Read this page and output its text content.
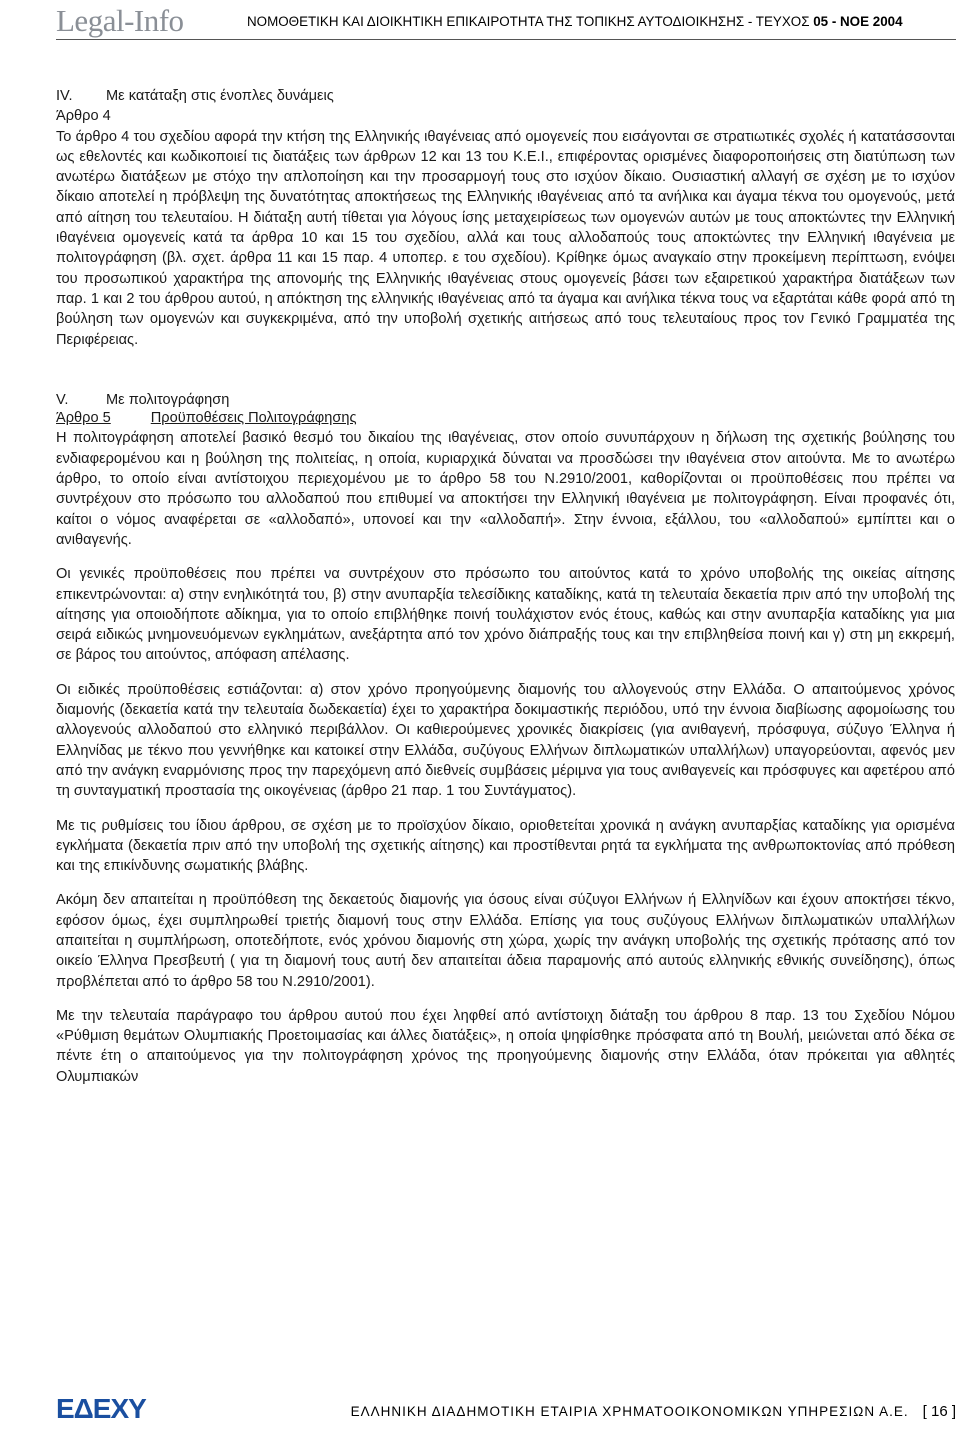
Legal-Info	ΝΟΜΟΘΕΤΙΚΗ ΚΑΙ ΔΙΟΙΚΗΤΙΚΗ ΕΠΙΚΑΙΡΟΤΗΤΑ ΤΗΣ ΤΟΠΙΚΗΣ ΑΥΤΟΔΙΟΙΚΗΣΗΣ - ΤΕΥΧΟΣ 05 - ΝΟΕ 2004

IV. Με κατάταξη στις ένοπλες δυνάμεις

Άρθρο 4

Το άρθρο 4 του σχεδίου αφορά την κτήση της Ελληνικής ιθαγένειας από ομογενείς που εισάγονται σε στρατιωτικές σχολές ή κατατάσσονται ως εθελοντές και κωδικοποιεί τις διατάξεις των άρθρων 12 και 13 του Κ.Ε.Ι., επιφέροντας ορισμένες διαφοροποιήσεις στη διατύπωση των ανωτέρω διατάξεων με στόχο την απλοποίηση και την προσαρμογή τους στο ισχύον δίκαιο. Ουσιαστική αλλαγή σε σχέση με το ισχύον δίκαιο αποτελεί η πρόβλεψη της δυνατότητας αποκτήσεως της Ελληνικής ιθαγένειας από τα ανήλικα και άγαμα τέκνα του ομογενούς, μετά από αίτηση του τελευταίου. Η διάταξη αυτή τίθεται για λόγους ίσης μεταχειρίσεως των ομογενών αυτών με τους αποκτώντες την Ελληνική ιθαγένεια ομογενείς κατά τα άρθρα 10 και 15 του σχεδίου, αλλά και τους αλλοδαπούς τους αποκτώντες την Ελληνική ιθαγένεια με πολιτογράφηση (βλ. σχετ. άρθρα 11 και 15 παρ. 4 υποπερ. ε του σχεδίου). Κρίθηκε όμως αναγκαίο στην προκείμενη περίπτωση, ενόψει του προσωπικού χαρακτήρα της απονομής της Ελληνικής ιθαγένειας στους ομογενείς βάσει των εξαιρετικού χαρακτήρα διατάξεων των παρ. 1 και 2 του άρθρου αυτού, η απόκτηση της ελληνικής ιθαγένειας από τα άγαμα και ανήλικα τέκνα τους να εξαρτάται κάθε φορά από τη βούληση των ομογενών και συγκεκριμένα, από την υποβολή σχετικής αιτήσεως από τους τελευταίους προς τον Γενικό Γραμματέα της Περιφέρειας.

V.	Με πολιτογράφηση

Άρθρο 5	Προϋποθέσεις Πολιτογράφησης

Η πολιτογράφηση αποτελεί βασικό θεσμό του δικαίου της ιθαγένειας, στον οποίο συνυπάρχουν η δήλωση της σχετικής βούλησης του ενδιαφερομένου και η βούληση της πολιτείας, η οποία, κυριαρχικά δύναται να προσδώσει την ιθαγένεια στον αιτούντα. Με το ανωτέρω άρθρο, το οποίο είναι αντίστοιχου περιεχομένου με το άρθρο 58 του Ν.2910/2001, καθορίζονται οι προϋποθέσεις που πρέπει να συντρέχουν στο πρόσωπο του αλλοδαπού που επιθυμεί να αποκτήσει την Ελληνική ιθαγένεια με πολιτογράφηση. Είναι προφανές ότι, καίτοι ο νόμος αναφέρεται σε «αλλοδαπό», υπονοεί και την «αλλοδαπή». Στην έννοια, εξάλλου, του «αλλοδαπού» εμπίπτει και ο ανιθαγενής.

Οι γενικές προϋποθέσεις που πρέπει να συντρέχουν στο πρόσωπο του αιτούντος κατά το χρόνο υποβολής της οικείας αίτησης επικεντρώνονται: α) στην ενηλικότητά του, β) στην ανυπαρξία τελεσίδικης καταδίκης, κατά τη τελευταία δεκαετία πριν από την υποβολή της αίτησης για οποιοδήποτε αδίκημα, για το οποίο επιβλήθηκε ποινή τουλάχιστον ενός έτους, καθώς και στην ανυπαρξία καταδίκης για μια σειρά ειδικώς μνημονευόμενων εγκλημάτων, ανεξάρτητα από τον χρόνο διάπραξής τους και την επιβληθείσα ποινή και γ) στη μη εκκρεμή, σε βάρος του αιτούντος, απόφαση απέλασης.

Οι ειδικές προϋποθέσεις εστιάζονται: α) στον χρόνο προηγούμενης διαμονής του αλλογενούς στην Ελλάδα. Ο απαιτούμενος χρόνος διαμονής (δεκαετία κατά την τελευταία δωδεκαετία) έχει το χαρακτήρα δοκιμαστικής περιόδου, υπό την έννοια διαβίωσης αφομοίωσης του αλλογενούς αλλοδαπού στο ελληνικό περιβάλλον. Οι καθιερούμενες χρονικές διακρίσεις (για ανιθαγενή, πρόσφυγα, σύζυγο Έλληνα ή Ελληνίδας με τέκνο που γεννήθηκε και κατοικεί στην Ελλάδα, συζύγους Ελλήνων διπλωματικών υπαλλήλων) υπαγορεύονται, αφενός μεν από την ανάγκη εναρμόνισης προς την παρεχόμενη από διεθνείς συμβάσεις μέριμνα για τους ανιθαγενείς και πρόσφυγες και αφετέρου από τη συνταγματική προστασία της οικογένειας (άρθρο 21 παρ. 1 του Συντάγματος).

Με τις ρυθμίσεις του ίδιου άρθρου, σε σχέση με το προϊσχύον δίκαιο, οριοθετείται χρονικά η ανάγκη ανυπαρξίας καταδίκης για ορισμένα εγκλήματα (δεκαετία πριν από την υποβολή της σχετικής αίτησης) και προστίθενται ρητά τα εγκλήματα της ανθρωποκτονίας από πρόθεση και της επικίνδυνης σωματικής βλάβης.

Ακόμη δεν απαιτείται η προϋπόθεση της δεκαετούς διαμονής για όσους είναι σύζυγοι Ελλήνων ή Ελληνίδων και έχουν αποκτήσει τέκνο, εφόσον όμως, έχει συμπληρωθεί τριετής διαμονή τους στην Ελλάδα. Επίσης για τους συζύγους Ελλήνων διπλωματικών υπαλλήλων απαιτείται η συμπλήρωση, οποτεδήποτε, ενός χρόνου διαμονής στη χώρα, χωρίς την ανάγκη υποβολής της σχετικής πρότασης από τον οικείο Έλληνα Πρεσβευτή ( για τη διαμονή τους αυτή δεν απαιτείται άδεια παραμονής από αυτούς ελληνικής εθνικής συνείδησης), όπως προβλέπεται από το άρθρο 58 του Ν.2910/2001).

Με την τελευταία παράγραφο του άρθρου αυτού που έχει ληφθεί από αντίστοιχη διάταξη του άρθρου 8 παρ. 13 του Σχεδίου Νόμου «Ρύθμιση θεμάτων Ολυμπιακής Προετοιμασίας και άλλες διατάξεις», η οποία ψηφίσθηκε πρόσφατα από τη Βουλή, μειώνεται από δέκα σε πέντε έτη ο απαιτούμενος για την πολιτογράφηση χρόνος της προηγούμενης διαμονής στην Ελλάδα, όταν πρόκειται για αθλητές Ολυμπιακών

ΕΔΕΧΥ	ΕΛΛΗΝΙΚΗ ΔΙΑΔΗΜΟΤΙΚΗ ΕΤΑΙΡΙΑ ΧΡΗΜΑΤΟΟΙΚΟΝΟΜΙΚΩΝ ΥΠΗΡΕΣΙΩΝ Α.Ε. [ 16 ]
